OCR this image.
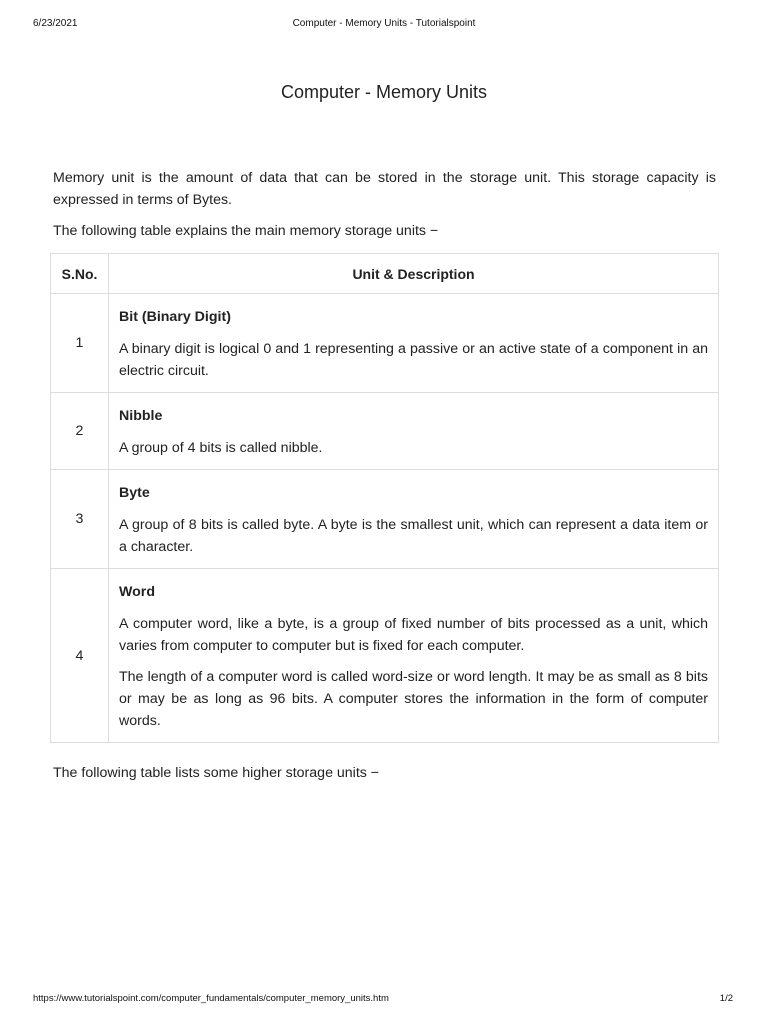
6/23/2021	Computer - Memory Units - Tutorialspoint
Computer - Memory Units

Memory unit is the amount of data that can be stored in the storage unit. This storage capacity is expressed in terms of Bytes.

The following table explains the main memory storage units −

S.No.	Unit & Description
1	Bit (Binary Digit)

A binary digit is logical 0 and 1 representing a passive or an active state of a component in an electric circuit.

2	Nibble

A group of 4 bits is called nibble.

3	Byte

A group of 8 bits is called byte. A byte is the smallest unit, which can represent a data item or a character.

4	Word

A computer word, like a byte, is a group of fixed number of bits processed as a unit, which varies from computer to computer but is fixed for each computer.

The length of a computer word is called word-size or word length. It may be as small as 8 bits or may be as long as 96 bits. A computer stores the information in the form of computer words.

The following table lists some higher storage units −

https://www.tutorialspoint.com/computer_fundamentals/computer_memory_units.htm	1/2
